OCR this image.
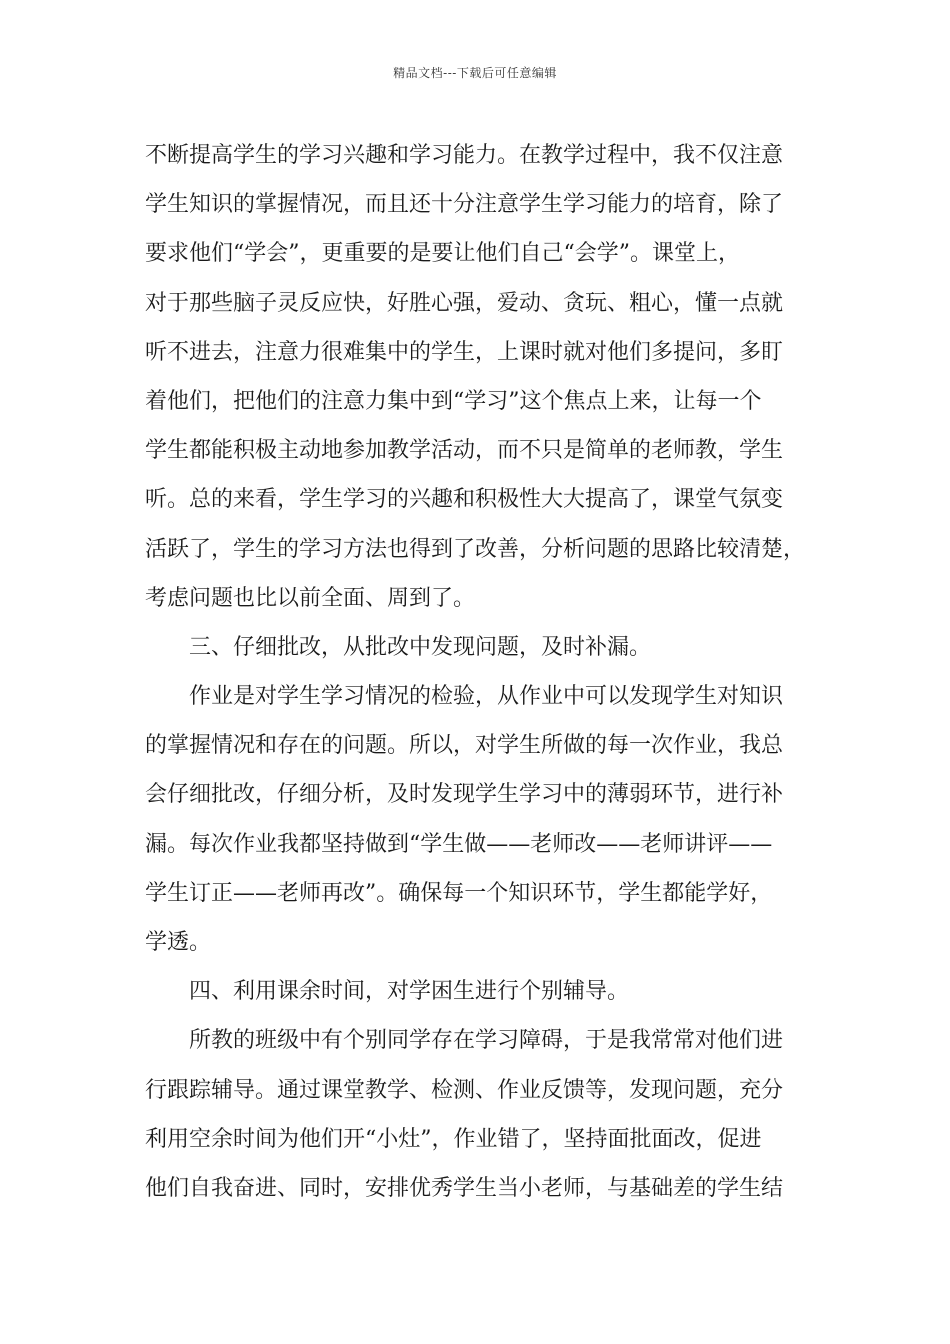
精品文档---下载后可任意编辑
不断提高学生的学习兴趣和学习能力。在教学过程中，我不仅注意
学生知识的掌握情况，而且还十分注意学生学习能力的培育，除了
要求他们“学会”，更重要的是要让他们自己“会学”。课堂上，
对于那些脑子灵反应快，好胜心强，爱动、贪玩、粗心，懂一点就
听不进去，注意力很难集中的学生，上课时就对他们多提问，多盯
着他们，把他们的注意力集中到“学习”这个焦点上来，让每一个
学生都能积极主动地参加教学活动，而不只是简单的老师教，学生
听。总的来看，学生学习的兴趣和积极性大大提高了，课堂气氛变
活跃了，学生的学习方法也得到了改善，分析问题的思路比较清楚，
考虑问题也比以前全面、周到了。
三、仔细批改，从批改中发现问题，及时补漏。
作业是对学生学习情况的检验，从作业中可以发现学生对知识
的掌握情况和存在的问题。所以，对学生所做的每一次作业，我总
会仔细批改，仔细分析，及时发现学生学习中的薄弱环节，进行补
漏。每次作业我都坚持做到“学生做——老师改——老师讲评——
学生订正——老师再改”。确保每一个知识环节，学生都能学好，
学透。
四、利用课余时间，对学困生进行个别辅导。
所教的班级中有个别同学存在学习障碍，于是我常常对他们进
行跟踪辅导。通过课堂教学、检测、作业反馈等，发现问题，充分
利用空余时间为他们开“小灶”，作业错了，坚持面批面改，促进
他们自我奋进、同时，安排优秀学生当小老师，与基础差的学生结
